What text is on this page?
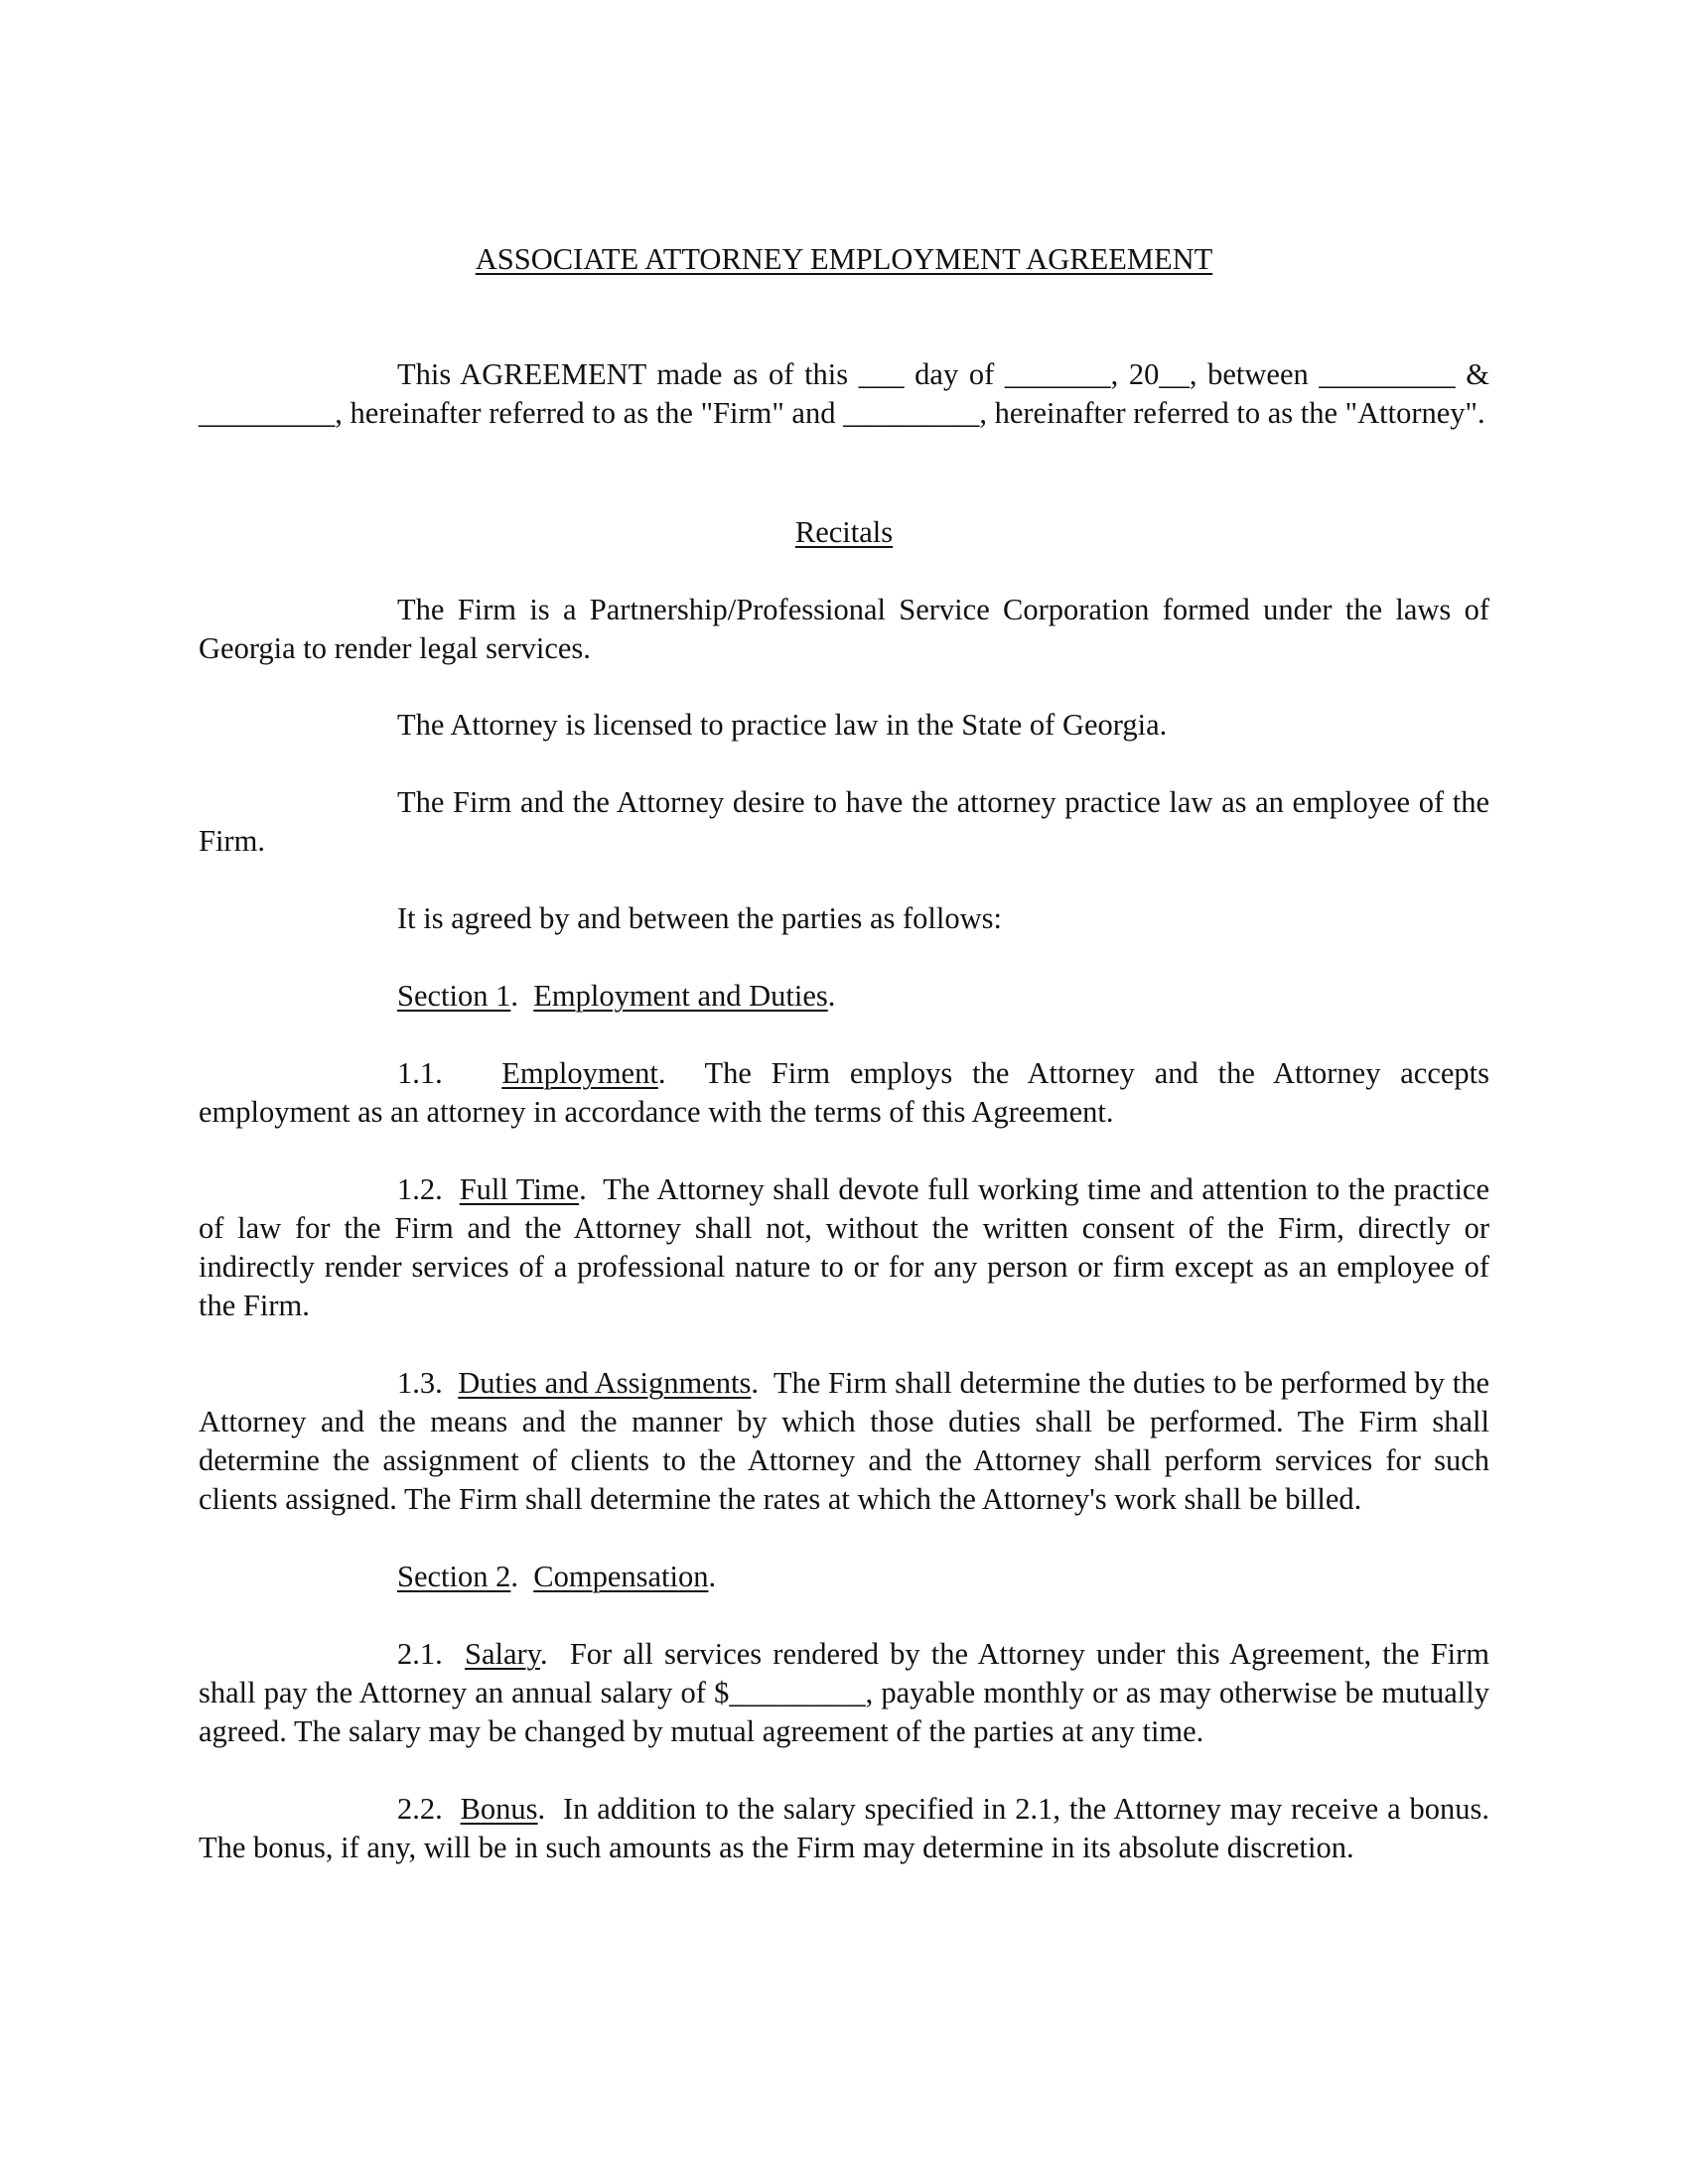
ASSOCIATE ATTORNEY EMPLOYMENT AGREEMENT

This AGREEMENT made as of this ___ day of _______, 20__, between _________ & _________, hereinafter referred to as the "Firm" and _________, hereinafter referred to as the "Attorney".

Recitals

The Firm is a Partnership/Professional Service Corporation formed under the laws of Georgia to render legal services.

The Attorney is licensed to practice law in the State of Georgia.

The Firm and the Attorney desire to have the attorney practice law as an employee of the Firm.

It is agreed by and between the parties as follows:

Section 1.  Employment and Duties.

1.1. Employment.  The Firm employs the Attorney and the Attorney accepts employment as an attorney in accordance with the terms of this Agreement.

1.2. Full Time.  The Attorney shall devote full working time and attention to the practice of law for the Firm and the Attorney shall not, without the written consent of the Firm, directly or indirectly render services of a professional nature to or for any person or firm except as an employee of the Firm.

1.3. Duties and Assignments.  The Firm shall determine the duties to be performed by the Attorney and the means and the manner by which those duties shall be performed. The Firm shall determine the assignment of clients to the Attorney and the Attorney shall perform services for such clients assigned. The Firm shall determine the rates at which the Attorney's work shall be billed.

Section 2.  Compensation.

2.1. Salary.  For all services rendered by the Attorney under this Agreement, the Firm shall pay the Attorney an annual salary of $_________, payable monthly or as may otherwise be mutually agreed. The salary may be changed by mutual agreement of the parties at any time.

2.2. Bonus.  In addition to the salary specified in 2.1, the Attorney may receive a bonus. The bonus, if any, will be in such amounts as the Firm may determine in its absolute discretion.
